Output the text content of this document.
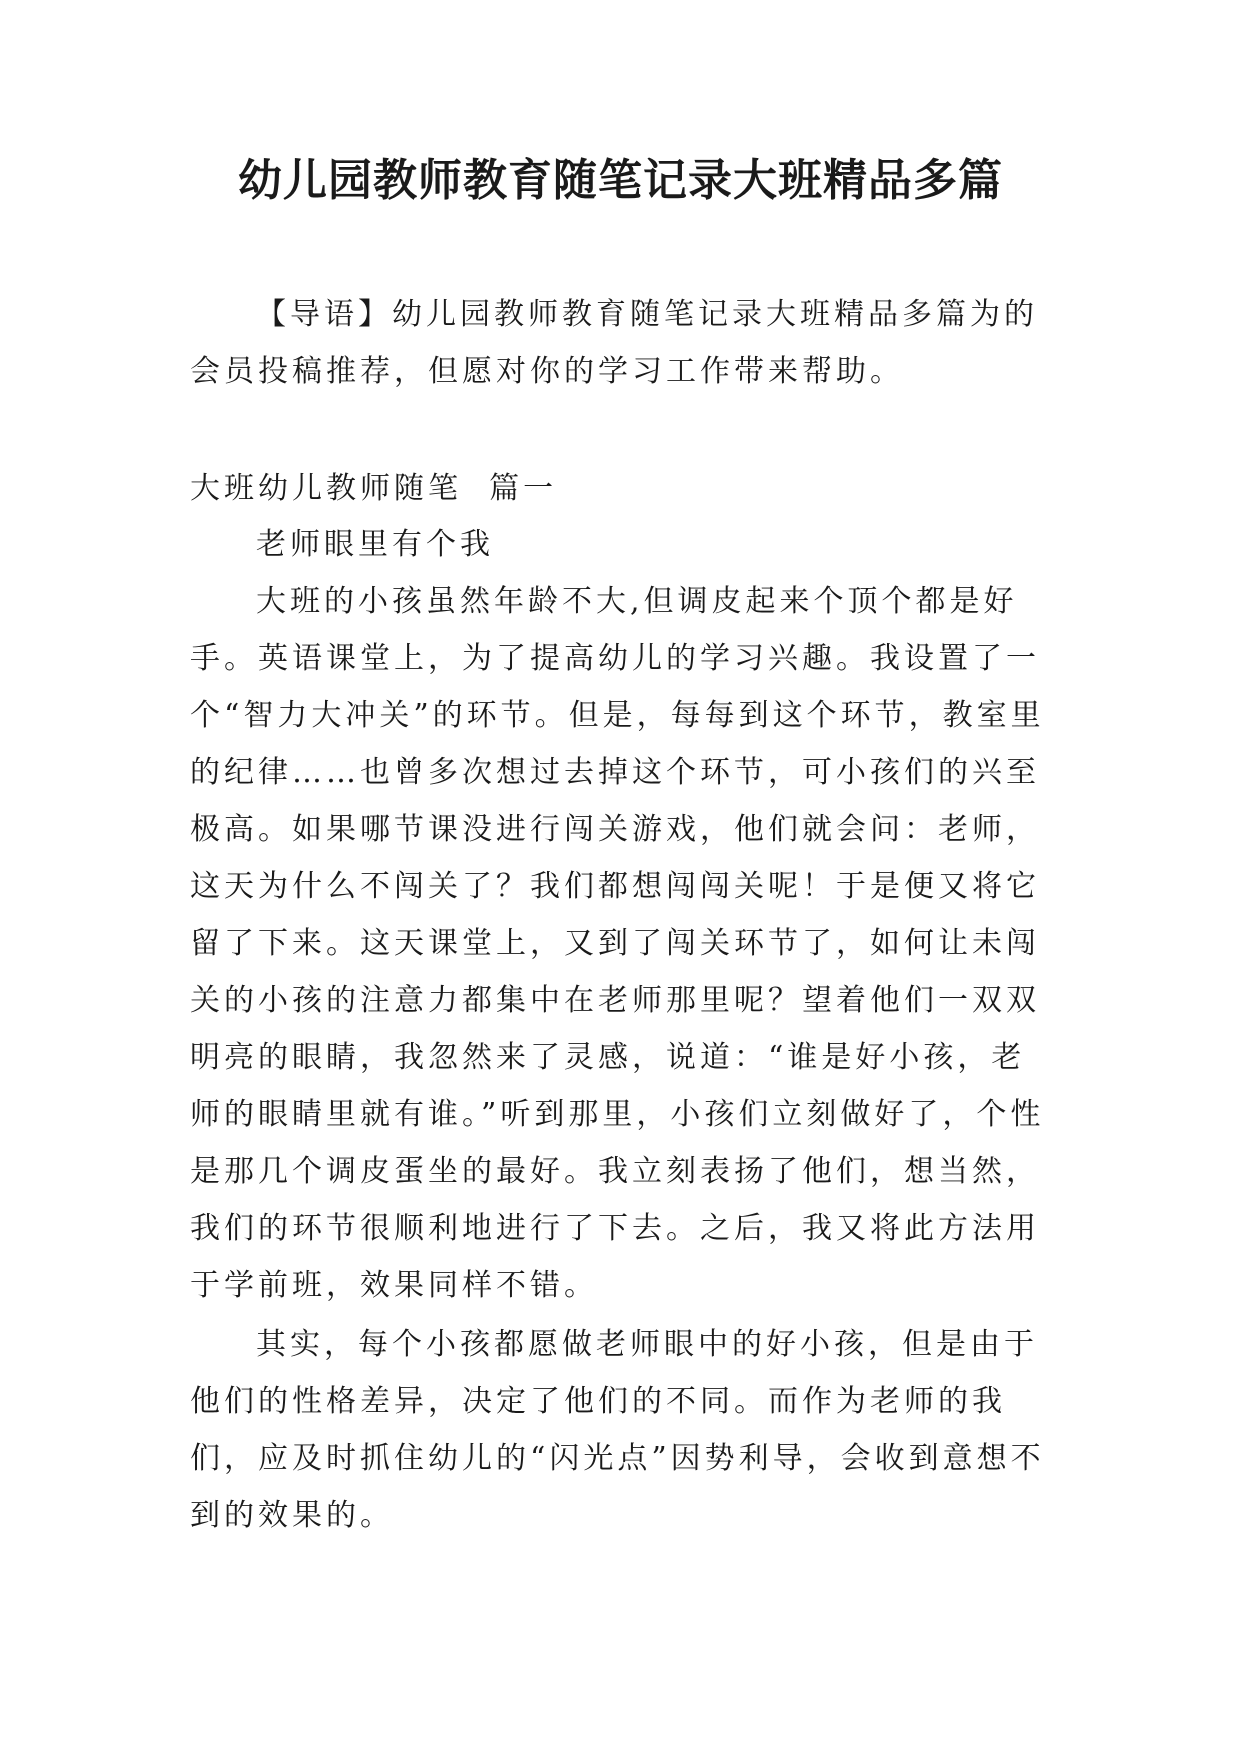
幼儿园教师教育随笔记录大班精品多篇

【导语】幼儿园教师教育随笔记录大班精品多篇为的会员投稿推荐，但愿对你的学习工作带来帮助。

大班幼儿教师随笔  篇一

老师眼里有个我

大班的小孩虽然年龄不大,但调皮起来个顶个都是好手。英语课堂上，为了提高幼儿的学习兴趣。我设置了一个“智力大冲关”的环节。但是，每每到这个环节，教室里的纪律……也曾多次想过去掉这个环节，可小孩们的兴至极高。如果哪节课没进行闯关游戏，他们就会问：老师，这天为什么不闯关了？我们都想闯闯关呢！于是便又将它留了下来。这天课堂上，又到了闯关环节了，如何让未闯关的小孩的注意力都集中在老师那里呢？望着他们一双双明亮的眼睛，我忽然来了灵感，说道：“谁是好小孩，老师的眼睛里就有谁。”听到那里，小孩们立刻做好了，个性是那几个调皮蛋坐的最好。我立刻表扬了他们，想当然，我们的环节很顺利地进行了下去。之后，我又将此方法用于学前班，效果同样不错。

其实，每个小孩都愿做老师眼中的好小孩，但是由于他们的性格差异，决定了他们的不同。而作为老师的我们，应及时抓住幼儿的“闪光点”因势利导，会收到意想不到的效果的。
